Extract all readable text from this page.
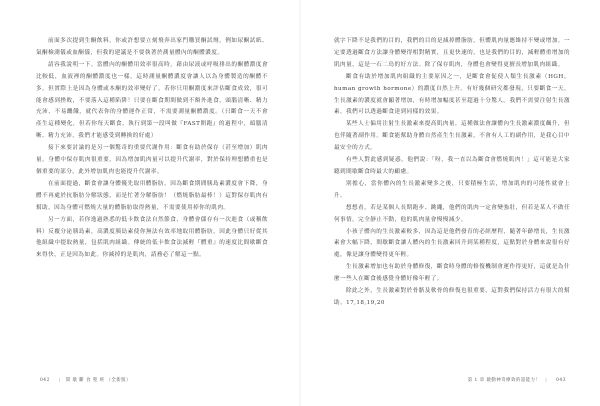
前面多次提到生酮飲料，你或許想要立刻飛奔出家門購買酮試劑，例如尿酮試紙、氣酮檢測儀或血酮儀，但我的建議是不要執著於測量體內的酮體濃度。

請容我說明一下。當體內的酮體用效率很高時，藉由尿液或呼吸排出的酮體濃度會比較低，血液裡的酮體濃度也一樣，這時測量酮體濃度會讓人以為身體製造的酮體不多，但實際上是因為身體或本酮的效率變好了。若你只用酮濃度來評估斷食成效，很可能會感到挫敗，不要落入這種陷阱！只要在斷食期間做到不額外進食，頭腦清晰、精力充沛、不易饑餓，就代表你的身體運作正常，不需要測量酮體濃度。（只斷食一天不會產生這種變化，但若你每天斷食，執行到第一段叫做『FAST開跑』的過程中，頭腦清晰、精力充沛，我們才能感受到轉換的好處）

接下來要討論的是另一個驚奇的重要代謝作用：斷食有助於保存（甚至增加）肌肉量。身體中保存肌肉很重要，因為增加肌肉量可以提升代謝率，對於保持理想體重也是個重要的部分。此外增加肌肉也能提升代謝率。

在前面提過，斷食會讓身體優先取用體脂肪，因為斷食期間胰島素濃度會下降，身體不再處於抗脂肪分解狀態，而是忙著分解脂肪！（燃燒脂肪最棒！）這對保存肌肉有幫助，因為身體可燃燒大量的體脂肪取得熱量，不需要使用掉你的肌肉。

另一方面，若你逸過熟悉的低卡飲食法自然節食，身體會儲存有一次進食（或稱飲料）反覆分泌胰島素，高濃度胰島素使你無法有效率地取用體脂肪，因此身體只好從其他組織中提取熱量，包括肌肉組織。傳統的低卡飲食法減輕『體重』的速度比間歇斷食來得快，正是因為如此。你減掉的是肌肉，請務必了解這一點。

042 | 間 歇 斷 食 聖 經 （全新版）

就字下降不是我們的目的，我們的目的是減掉體脂肪，但體肌肉量應維持不變或增加。一定要透過斷食方法讓身體變得相對精實，且更快速的，也是我們的目的，減輕體重增加的肌肉量，這是一石二鳥的好方法。除了保存肌肉，身體也會變得更擅長增加肌肉組織。

斷食有助於增加肌肉組織的主要原因之一，是斷食會促使人類生長激素（HGH，human growth hormone）的濃度自然上升。有好幾個研究都發現，只要斷食一天，生長激素的濃度就會顯著增加，有時增加幅度甚至超過十分驚人。我們不需要注射生長激素，我們可以透過斷食達到同樣的效果。

某些人士偏用注射生長激素來提高肌肉量，這種做法會讓體內生長激素濃度飆升，但也伴隨著副作用。斷食能幫助身體自然產生生長激素，不會有人工的副作用，是我心目中最安全的方式。

有些人對此感到疑惑，他們說：「呀，我一直以為斷食會燃燒肌肉！」這可能是大家聽到間歇斷食時最大的顧慮。

別擔心，當你體內的生長激素變多之後，只要積極生活，增加肌肉的可能性就會上升。

想想看，若是某個人長期跑步、跳繩，他們的肌肉一定會變強壯，但若是某人不做任何事情，完全靜止不動，他的肌肉量會慢慢減少。

小孩子體內的生長激素較多，因為這是他們發育的必經歷程，隨著年齡增長，生長激素會大幅下降，間歇斷食讓人體內的生長激素回升到某種程度，這點對於身體來說很有好處，像是讓身體變得更年輕。

生長激素增加也有助於身體修復，斷食時身體的修復機制會運作得更好，這就是為什麼一些人在斷食後感覺身體好像年輕了。

除此之外，生長激素對於骨骼及軟骨的修復也很重要，這對我們保持活力有很大的幫助。17,18,19,20

第 1 章 啟動神奇療效的超能力！ | 043
